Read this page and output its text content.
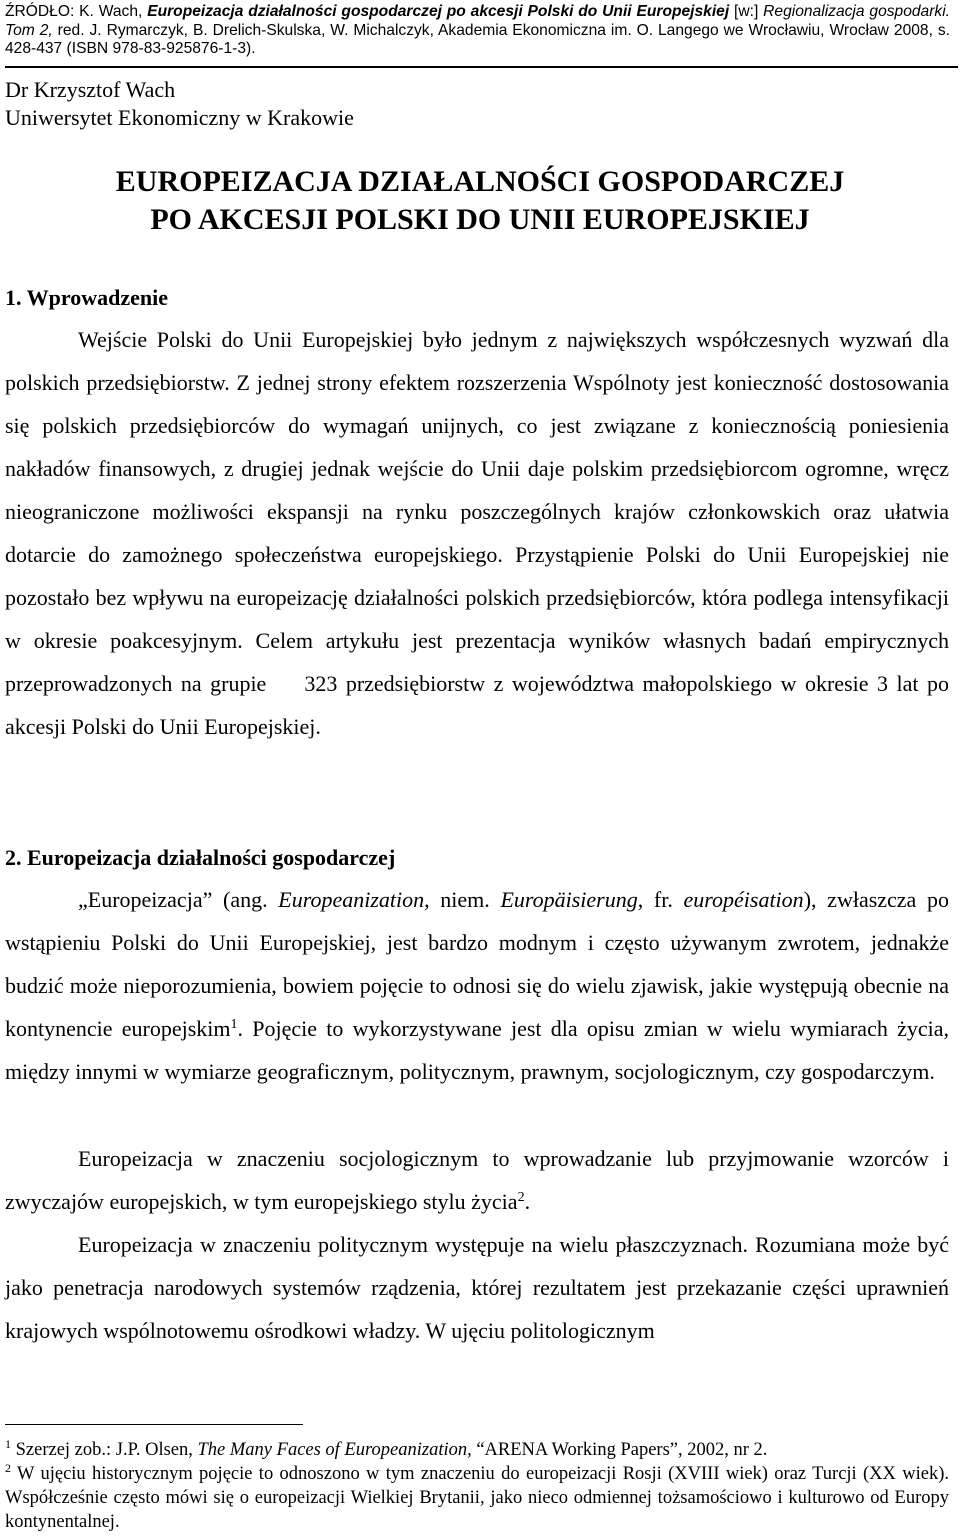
ŹRÓDŁO: K. Wach, Europeizacja działalności gospodarczej po akcesji Polski do Unii Europejskiej [w:] Regionalizacja gospodarki. Tom 2, red. J. Rymarczyk, B. Drelich-Skulska, W. Michalczyk, Akademia Ekonomiczna im. O. Langego we Wrocławiu, Wrocław 2008, s. 428-437 (ISBN 978-83-925876-1-3).
Dr Krzysztof Wach
Uniwersytet Ekonomiczny w Krakowie
EUROPEIZACJA DZIAŁALNOŚCI GOSPODARCZEJ
PO AKCESJI POLSKI DO UNII EUROPEJSKIEJ
1. Wprowadzenie
Wejście Polski do Unii Europejskiej było jednym z największych współczesnych wyzwań dla polskich przedsiębiorstw. Z jednej strony efektem rozszerzenia Wspólnoty jest konieczność dostosowania się polskich przedsiębiorców do wymagań unijnych, co jest związane z koniecznością poniesienia nakładów finansowych, z drugiej jednak wejście do Unii daje polskim przedsiębiorcom ogromne, wręcz nieograniczone możliwości ekspansji na rynku poszczególnych krajów członkowskich oraz ułatwia dotarcie do zamożnego społeczeństwa europejskiego. Przystąpienie Polski do Unii Europejskiej nie pozostało bez wpływu na europeizację działalności polskich przedsiębiorców, która podlega intensyfikacji w okresie poakcesyjnym. Celem artykułu jest prezentacja wyników własnych badań empirycznych przeprowadzonych na grupie 323 przedsiębiorstw z województwa małopolskiego w okresie 3 lat po akcesji Polski do Unii Europejskiej.
2. Europeizacja działalności gospodarczej
„Europeizacja” (ang. Europeanization, niem. Europäisierung, fr. européisation), zwłaszcza po wstąpieniu Polski do Unii Europejskiej, jest bardzo modnym i często używanym zwrotem, jednakże budzić może nieporozumienia, bowiem pojęcie to odnosi się do wielu zjawisk, jakie występują obecnie na kontynencie europejskim$^1$. Pojęcie to wykorzystywane jest dla opisu zmian w wielu wymiarach życia, między innymi w wymiarze geograficznym, politycznym, prawnym, socjologicznym, czy gospodarczym.
Europeizacja w znaczeniu socjologicznym to wprowadzanie lub przyjmowanie wzorców i zwyczajów europejskich, w tym europejskiego stylu życia$^2$.
Europeizacja w znaczeniu politycznym występuje na wielu płaszczyznach. Rozumiana może być jako penetracja narodowych systemów rządzenia, której rezultatem jest przekazanie części uprawnień krajowych wspólnotowemu ośrodkowi władzy. W ujęciu politologicznym

$^1$ Szerzej zob.: J.P. Olsen, The Many Faces of Europeanization, “ARENA Working Papers”, 2002, nr 2.

$^2$ W ujęciu historycznym pojęcie to odnoszono w tym znaczeniu do europeizacji Rosji (XVIII wiek) oraz Turcji (XX wiek). Współcześnie często mówi się o europeizacji Wielkiej Brytanii, jako nieco odmiennej tożsamościowo i kulturowo od Europy kontynentalnej.
